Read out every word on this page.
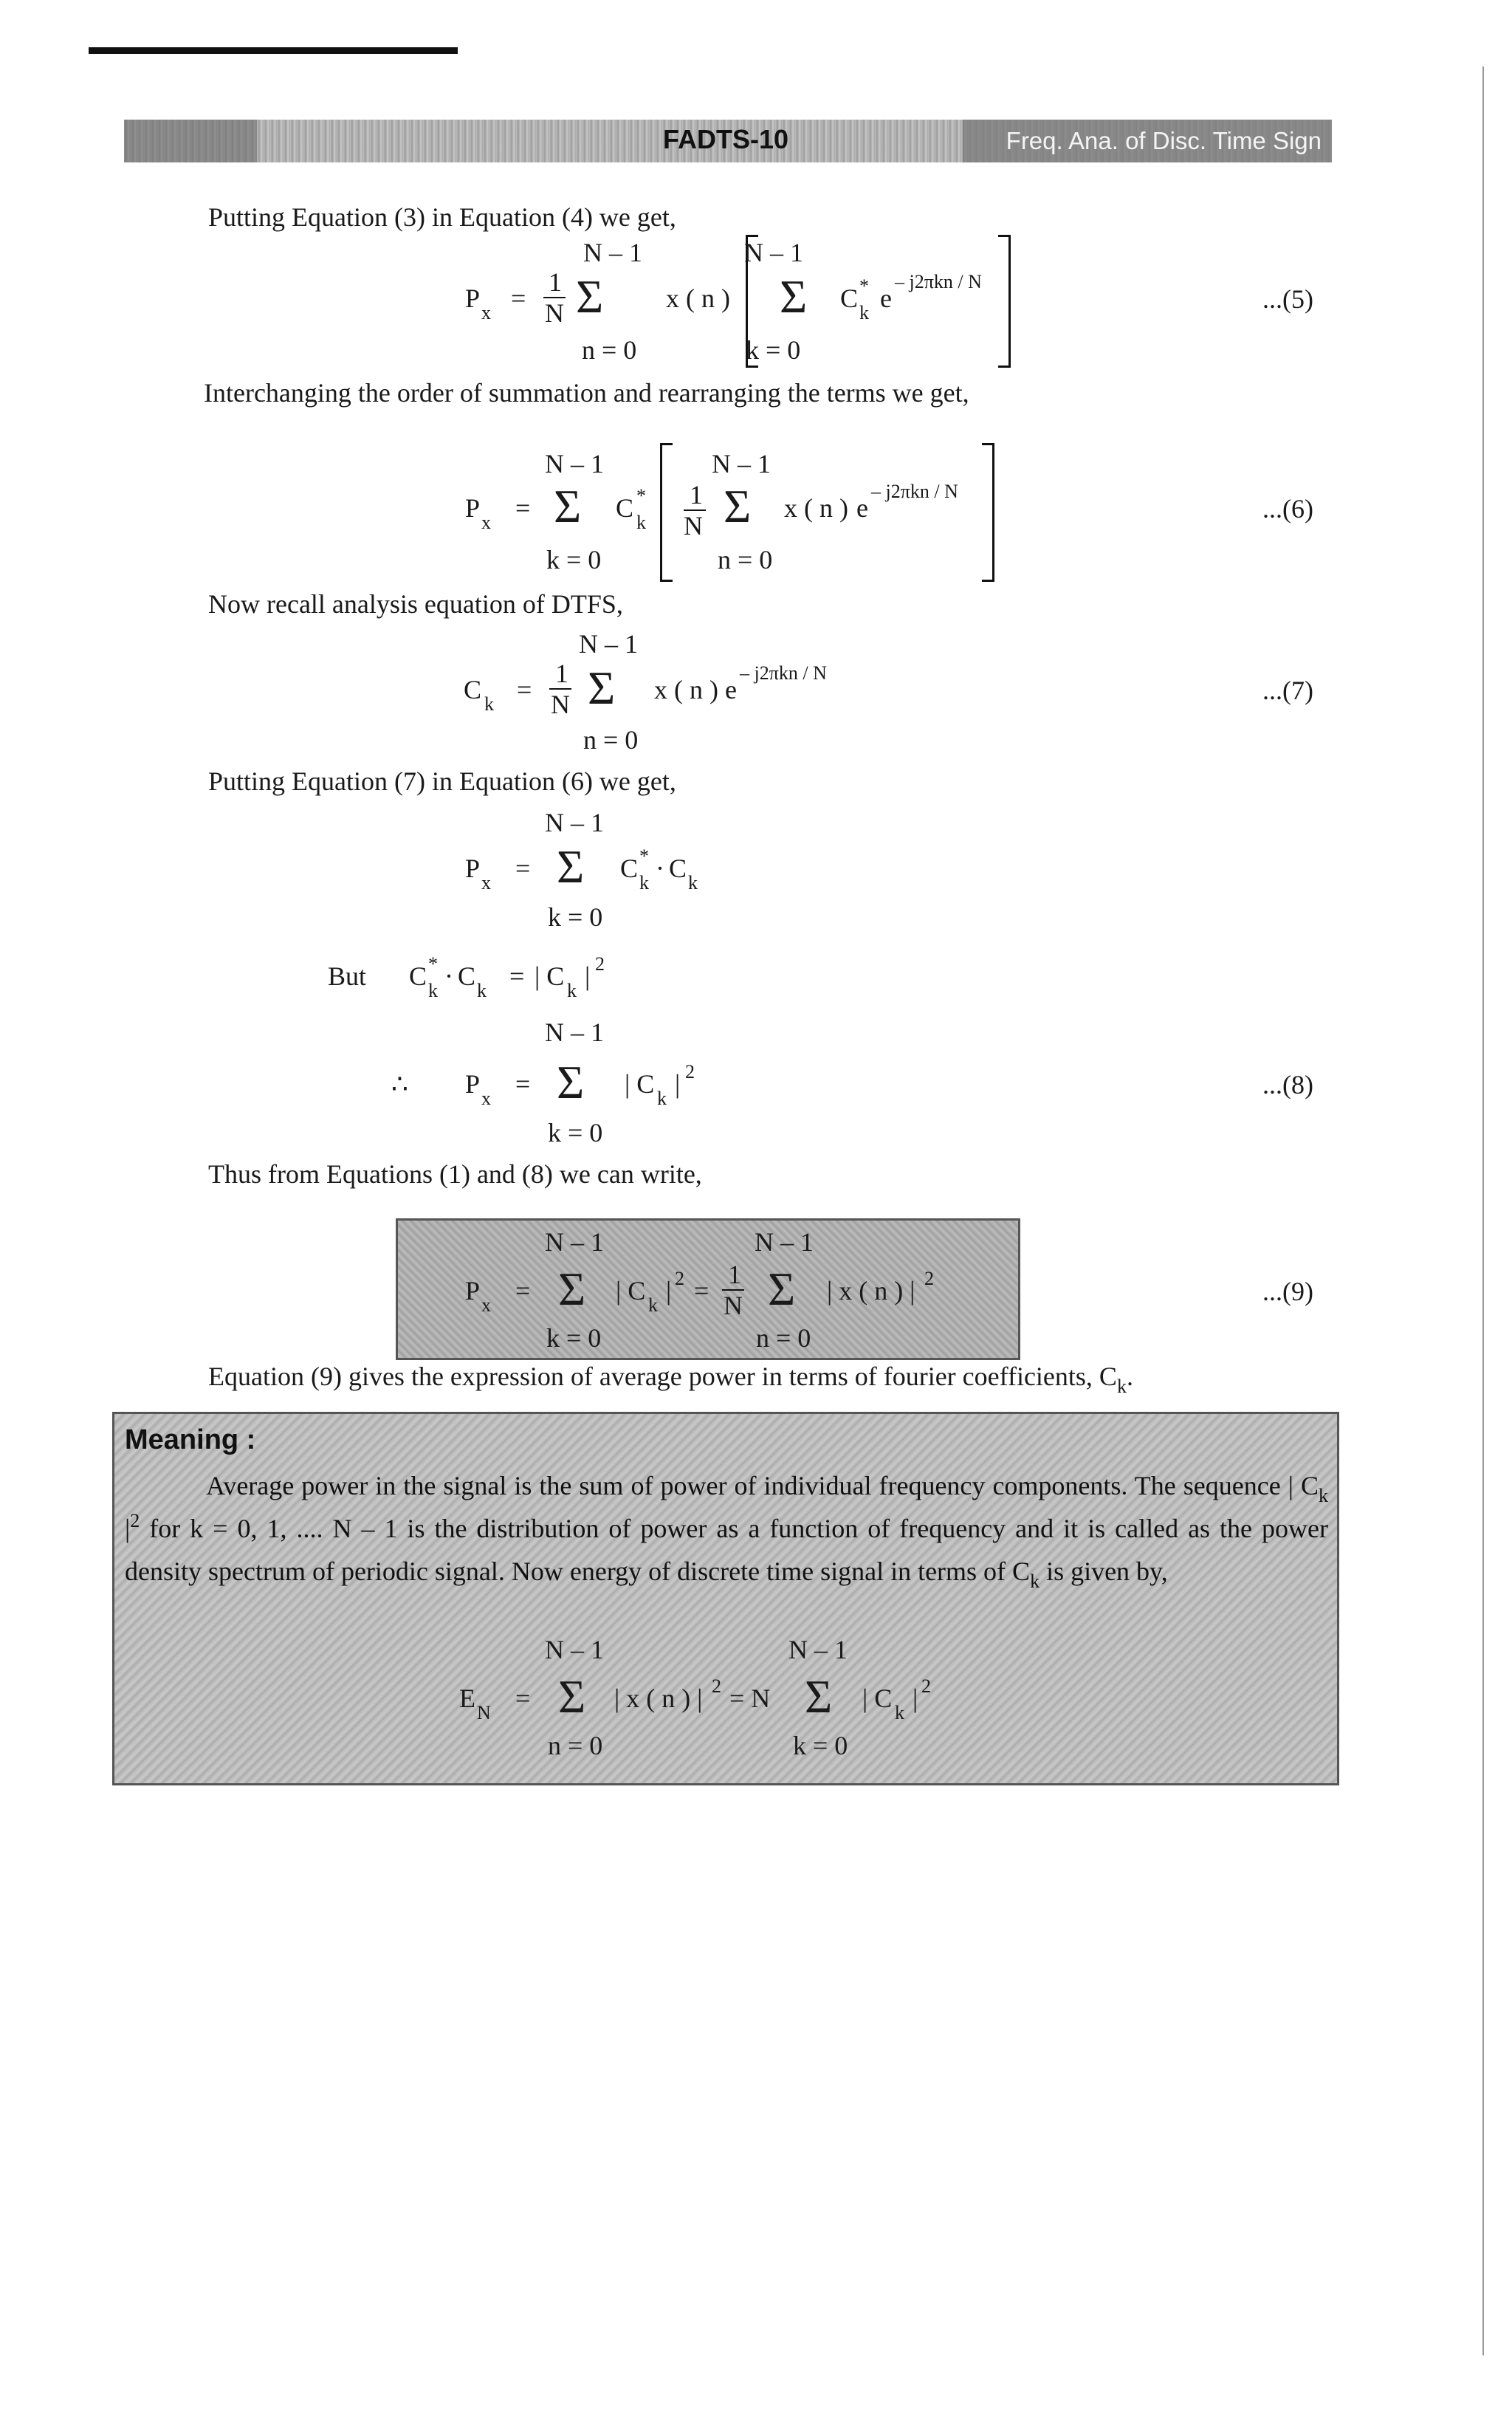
FADTS-10	Freq. Ana. of Disc. Time Sign
Putting Equation (3) in Equation (4) we get,
N – 1
P x =
1
N Σ x ( n )
n = 0
N – 1
Σ C *
k e
– j2πkn / N
k = 0
...(5)
Interchanging the order of summation and rearranging the terms we get,
N – 1
P x = Σ C *
k
k = 0
1
N
N – 1
Σ x ( n ) e
– j2πkn / N
n = 0
...(6)
Now recall analysis equation of DTFS,
N – 1
C k =
1
N Σ x ( n ) e
– j2πkn / N
n = 0
...(7)
Putting Equation (7) in Equation (6) we get,
N – 1
P x = Σ C *
k · C k
k = 0
But C *
k · C k = | C k | 2
N – 1
∴ P x = Σ | C k | 2
k = 0
...(8)
Thus from Equations (1) and (8) we can write,
N – 1	N – 1
P x = Σ | C k | 2 =
1
N Σ | x ( n ) | 2
k = 0	n = 0
...(9)
Equation (9) gives the expression of average power in terms of fourier coefficients, $C_k$.
Meaning :

Average power in the signal is the sum of power of individual frequency components. The sequence | $C_k$ $|^2$ for k = 0, 1, .... N – 1 is the distribution of power as a function of frequency and it is called as the power density spectrum of periodic signal. Now energy of discrete time signal in terms of $C_k$ is given by,

N – 1	N – 1
E N = Σ | x ( n ) | 2 = N Σ | C k | 2
n = 0	k = 0
